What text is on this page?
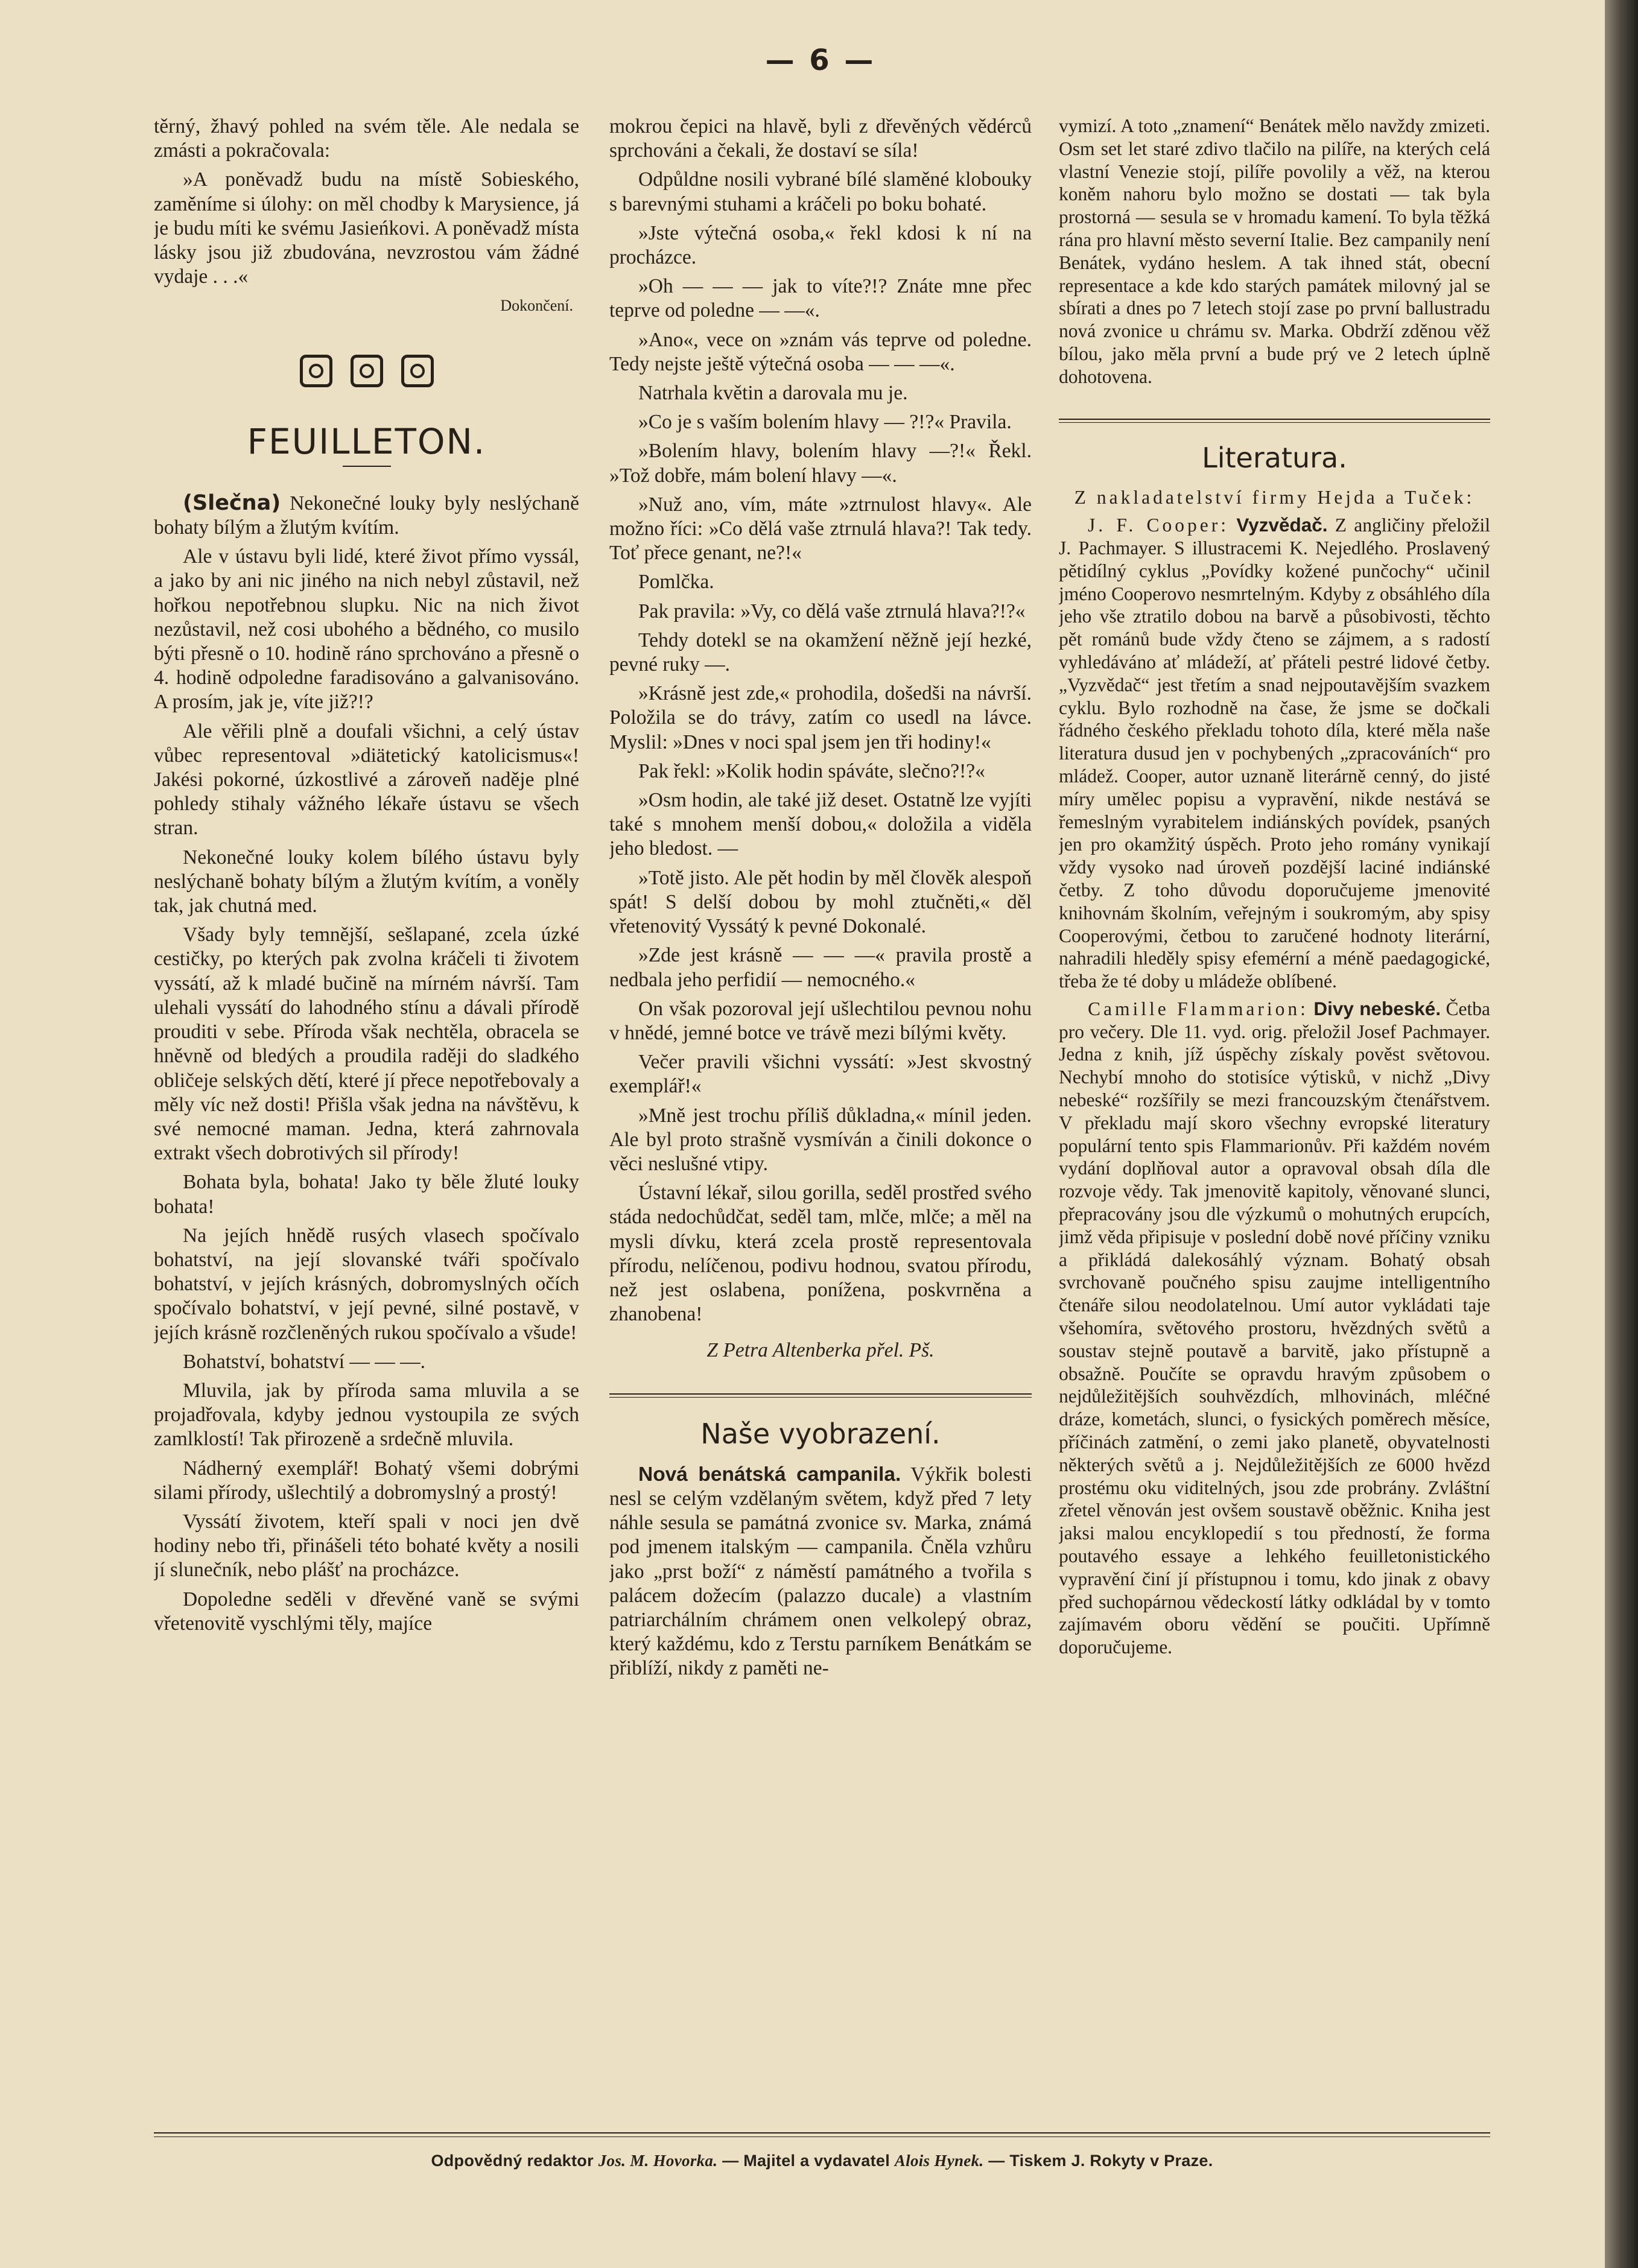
— 6 —

těrný, žhavý pohled na svém těle. Ale nedala se zmásti a pokračovala:

»A poněvadž budu na místě Sobieského, zaměníme si úlohy: on měl chodby k Marysience, já je budu míti ke svému Jasieńkovi. A poněvadž místa lásky jsou již zbudována, nevzrostou vám žádné vydaje . . .«

Dokončení.
FEUILLETON.

(Slečna) Nekonečné louky byly neslýchaně bohaty bílým a žlutým kvítím.

Ale v ústavu byli lidé, které život přímo vyssál, a jako by ani nic jiného na nich nebyl zůstavil, než hořkou nepotřebnou slupku. Nic na nich život nezůstavil, než cosi ubohého a bědného, co musilo býti přesně o 10. hodině ráno sprchováno a přesně o 4. hodině odpoledne faradisováno a galvanisováno. A prosím, jak je, víte již?!?

Ale věřili plně a doufali všichni, a celý ústav vůbec representoval »diätetický katolicismus«! Jakési pokorné, úzkostlivé a zároveň naděje plné pohledy stihaly vážného lékaře ústavu se všech stran.

Nekonečné louky kolem bílého ústavu byly neslýchaně bohaty bílým a žlutým kvítím, a voněly tak, jak chutná med.

Všady byly temnější, sešlapané, zcela úzké cestičky, po kterých pak zvolna kráčeli ti životem vyssátí, až k mladé bučině na mírném návrší. Tam ulehali vyssátí do lahodného stínu a dávali přírodě prouditi v sebe. Příroda však nechtěla, obracela se hněvně od bledých a proudila raději do sladkého obličeje selských dětí, které jí přece nepotřebovaly a měly víc než dosti! Přišla však jedna na návštěvu, k své nemocné maman. Jedna, která zahrnovala extrakt všech dobrotivých sil přírody!

Bohata byla, bohata! Jako ty běle žluté louky bohata!

Na jejích hnědě rusých vlasech spočívalo bohatství, na její slovanské tváři spočívalo bohatství, v jejích krásných, dobromyslných očích spočívalo bohatství, v její pevné, silné postavě, v jejích krásně rozčleněných rukou spočívalo a všude!

Bohatství, bohatství — — —.

Mluvila, jak by příroda sama mluvila a se projadřovala, kdyby jednou vystoupila ze svých zamlklostí! Tak přirozeně a srdečně mluvila.

Nádherný exemplář! Bohatý všemi dobrými silami přírody, ušlechtilý a dobromyslný a prostý!

Vyssátí životem, kteří spali v noci jen dvě hodiny nebo tři, přinášeli této bohaté květy a nosili jí slunečník, nebo plášť na procházce.

Dopoledne seděli v dřevěné vaně se svými vřetenovitě vyschlými těly, majíce

mokrou čepici na hlavě, byli z dřevěných vědérců sprchováni a čekali, že dostaví se síla!

Odpůldne nosili vybrané bílé slaměné klobouky s barevnými stuhami a kráčeli po boku bohaté.

»Jste výtečná osoba,« řekl kdosi k ní na procházce.

»Oh — — — jak to víte?!? Znáte mne přec teprve od poledne — —«.

»Ano«, vece on »znám vás teprve od poledne. Tedy nejste ještě výtečná osoba — — —«.

Natrhala květin a darovala mu je.

»Co je s vaším bolením hlavy — ?!?« Pravila.

»Bolením hlavy, bolením hlavy —?!« Řekl. »Tož dobře, mám bolení hlavy —«.

»Nuž ano, vím, máte »ztrnulost hlavy«. Ale možno říci: »Co dělá vaše ztrnulá hlava?! Tak tedy. Toť přece genant, ne?!«

Pomlčka.

Pak pravila: »Vy, co dělá vaše ztrnulá hlava?!?«

Tehdy dotekl se na okamžení něžně její hezké, pevné ruky —.

»Krásně jest zde,« prohodila, došedši na návrší. Položila se do trávy, zatím co usedl na lávce. Myslil: »Dnes v noci spal jsem jen tři hodiny!«

Pak řekl: »Kolik hodin spáváte, slečno?!?«

»Osm hodin, ale také již deset. Ostatně lze vyjíti také s mnohem menší dobou,« doložila a viděla jeho bledost. —

»Totě jisto. Ale pět hodin by měl člověk alespoň spát! S delší dobou by mohl ztučněti,« děl vřetenovitý Vyssátý k pevné Dokonalé.

»Zde jest krásně — — —« pravila prostě a nedbala jeho perfidií — nemocného.«

On však pozoroval její ušlechtilou pevnou nohu v hnědé, jemné botce ve trávě mezi bílými květy.

Večer pravili všichni vyssátí: »Jest skvostný exemplář!«

»Mně jest trochu příliš důkladna,« mínil jeden. Ale byl proto strašně vysmíván a činili dokonce o věci neslušné vtipy.

Ústavní lékař, silou gorilla, seděl prostřed svého stáda nedochůdčat, seděl tam, mlče, mlče; a měl na mysli dívku, která zcela prostě representovala přírodu, nelíčenou, podivu hodnou, svatou přírodu, než jest oslabena, ponížena, poskvrněna a zhanobena!

Z Petra Altenberka přel. Pš.
Naše vyobrazení.

Nová benátská campanila. Výkřik bolesti nesl se celým vzdělaným světem, když před 7 lety náhle sesula se památná zvonice sv. Marka, známá pod jmenem italským — campanila. Čněla vzhůru jako „prst boží“ z náměstí památného a tvořila s palácem dožecím (palazzo ducale) a vlastním patriarchálním chrámem onen velkolepý obraz, který každému, kdo z Terstu parníkem Benátkám se přiblíží, nikdy z paměti ne-

vymizí. A toto „znamení“ Benátek mělo navždy zmizeti. Osm set let staré zdivo tlačilo na pilíře, na kterých celá vlastní Venezie stojí, pilíře povolily a věž, na kterou koněm nahoru bylo možno se dostati — tak byla prostorná — sesula se v hromadu kamení. To byla těžká rána pro hlavní město severní Italie. Bez campanily není Benátek, vydáno heslem. A tak ihned stát, obecní representace a kde kdo starých památek milovný jal se sbírati a dnes po 7 letech stojí zase po první ballustradu nová zvonice u chrámu sv. Marka. Obdrží zděnou věž bílou, jako měla první a bude prý ve 2 letech úplně dohotovena.

Literatura.

Z nakladatelství firmy Hejda a Tuček:

J. F. Cooper: Vyzvědač. Z angličiny přeložil J. Pachmayer. S illustracemi K. Nejedlého. Proslavený pětidílný cyklus „Povídky kožené punčochy“ učinil jméno Cooperovo nesmrtelným. Kdyby z obsáhlého díla jeho vše ztratilo dobou na barvě a působivosti, těchto pět románů bude vždy čteno se zájmem, a s radostí vyhledáváno ať mládeží, ať přáteli pestré lidové četby. „Vyzvědač“ jest třetím a snad nejpoutavějším svazkem cyklu. Bylo rozhodně na čase, že jsme se dočkali řádného českého překladu tohoto díla, které měla naše literatura dusud jen v pochybených „zpracováních“ pro mládež. Cooper, autor uznaně literárně cenný, do jisté míry umělec popisu a vypravění, nikde nestává se řemeslným vyrabitelem indiánských povídek, psaných jen pro okamžitý úspěch. Proto jeho romány vynikají vždy vysoko nad úroveň pozdější laciné indiánské četby. Z toho důvodu doporučujeme jmenovité knihovnám školním, veřejným i soukromým, aby spisy Cooperovými, četbou to zaručené hodnoty literární, nahradili hleděly spisy efemérní a méně paedagogické, třeba že té doby u mládeže oblíbené.

Camille Flammarion: Divy nebeské. Četba pro večery. Dle 11. vyd. orig. přeložil Josef Pachmayer. Jedna z knih, jíž úspěchy získaly pověst světovou. Nechybí mnoho do stotisíce výtisků, v nichž „Divy nebeské“ rozšířily se mezi francouzským čtenářstvem. V překladu mají skoro všechny evropské literatury populární tento spis Flammarionův. Při každém novém vydání doplňoval autor a opravoval obsah díla dle rozvoje vědy. Tak jmenovitě kapitoly, věnované slunci, přepracovány jsou dle výzkumů o mohutných erupcích, jimž věda připisuje v poslední době nové příčiny vzniku a přikládá dalekosáhlý význam. Bohatý obsah svrchovaně poučného spisu zaujme intelligentního čtenáře silou neodolatelnou. Umí autor vykládati taje všehomíra, světového prostoru, hvězdných světů a soustav stejně poutavě a barvitě, jako přístupně a obsažně. Poučíte se opravdu hravým způsobem o nejdůležitějších souhvězdích, mlhovinách, mléčné dráze, kometách, slunci, o fysických poměrech měsíce, příčinách zatmění, o zemi jako planetě, obyvatelnosti některých světů a j. Nejdůležitějších ze 6000 hvězd prostému oku viditelných, jsou zde probrány. Zvláštní zřetel věnován jest ovšem soustavě oběžnic. Kniha jest jaksi malou encyklopedií s tou předností, že forma poutavého essaye a lehkého feuilletonistického vypravění činí jí přístupnou i tomu, kdo jinak z obavy před suchopárnou vědeckostí látky odkládal by v tomto zajímavém oboru vědění se poučiti. Upřímně doporučujeme.

Odpovědný redaktor Jos. M. Hovorka. — Majitel a vydavatel Alois Hynek. — Tiskem J. Rokyty v Praze.
